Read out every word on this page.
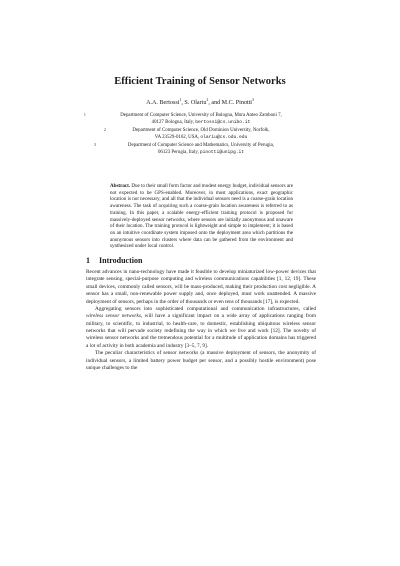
Efficient Training of Sensor Networks
A.A. Bertossi$^1$, S. Olariu$^2$, and M.C. Pinotti$^3$
1	Department of Computer Science, University of Bologna, Mura Anteo Zamboni 7,
40127 Bologna, Italy, bertossi@cs.unibo.it
2	Department of Computer Science, Old Dominion University, Norfolk,
VA 23529-0162, USA, olariu@cs.odu.edu
3	Department of Computer Science and Mathematics, University of Perugia,
06123 Perugia, Italy, pinotti@unipg.it
Abstract. Due to their small form factor and modest energy budget, individual sensors are not expected to be GPS-enabled. Moreover, in most applications, exact geographic location is not necessary, and all that the individual sensors need is a coarse-grain location awareness. The task of acquiring such a coarse-grain location awareness is referred to as training. In this paper, a scalable energy-efficient training protocol is proposed for massively-deployed sensor networks, where sensors are initially anonymous and unaware of their location. The training protocol is lightweight and simple to implement; it is based on an intuitive coordinate system imposed onto the deployment area which partitions the anonymous sensors into clusters where data can be gathered from the environment and synthesized under local control.
1 Introduction

Recent advances in nano-technology have made it feasible to develop miniaturized low-power devices that integrate sensing, special-purpose computing and wireless communications capabilities [1, 12, 19]. These small devices, commonly called sensors, will be mass-produced, making their production cost negligible. A sensor has a small, non-renewable power supply and, once deployed, must work unattended. A massive deployment of sensors, perhaps in the order of thousands or even tens of thousands [17], is expected.

Aggregating sensors into sophisticated computational and communication infrastructures, called wireless sensor networks, will have a significant impact on a wide array of applications ranging from military, to scientific, to industrial, to health-care, to domestic, establishing ubiquitous wireless sensor networks that will pervade society redefining the way in which we live and work [12]. The novelty of wireless sensor networks and the tremendous potential for a multitude of application domains has triggered a lot of activity in both academia and industry [3–5, 7, 9].

The peculiar characteristics of sensor networks (a massive deployment of sensors, the anonymity of individual sensors, a limited battery power budget per sensor, and a possibly hostile environment) pose unique challenges to the
